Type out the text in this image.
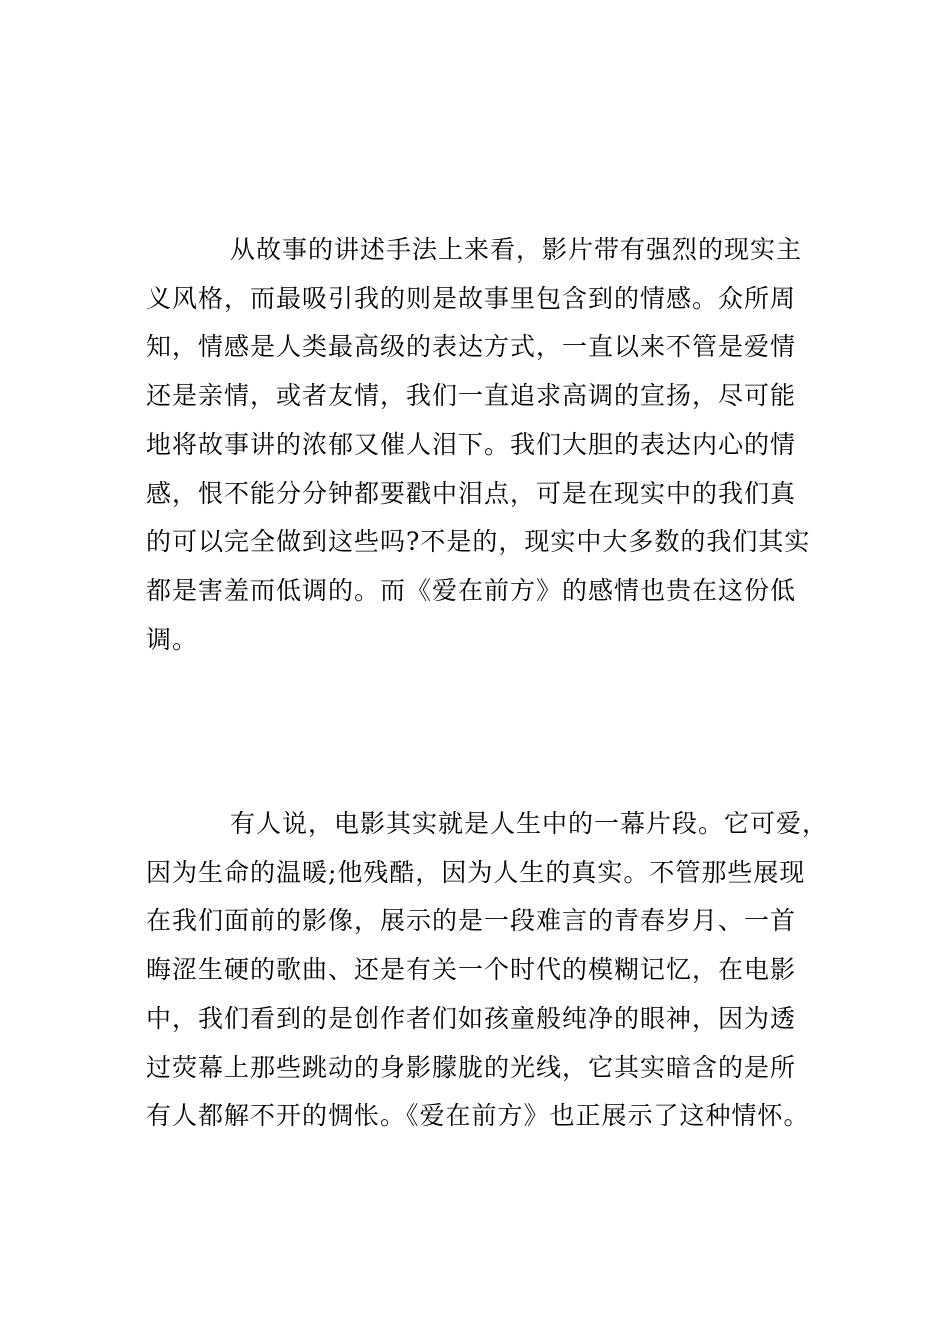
从故事的讲述手法上来看，影片带有强烈的现实主
义风格，而最吸引我的则是故事里包含到的情感。众所周
知，情感是人类最高级的表达方式，一直以来不管是爱情
还是亲情，或者友情，我们一直追求高调的宣扬，尽可能
地将故事讲的浓郁又催人泪下。我们大胆的表达内心的情
感，恨不能分分钟都要戳中泪点，可是在现实中的我们真
的可以完全做到这些吗?不是的，现实中大多数的我们其实
都是害羞而低调的。而《爱在前方》的感情也贵在这份低
调。

有人说，电影其实就是人生中的一幕片段。它可爱，
因为生命的温暖;他残酷，因为人生的真实。不管那些展现
在我们面前的影像，展示的是一段难言的青春岁月、一首
晦涩生硬的歌曲、还是有关一个时代的模糊记忆，在电影
中，我们看到的是创作者们如孩童般纯净的眼神，因为透
过荧幕上那些跳动的身影朦胧的光线，它其实暗含的是所
有人都解不开的惆怅。《爱在前方》也正展示了这种情怀。
